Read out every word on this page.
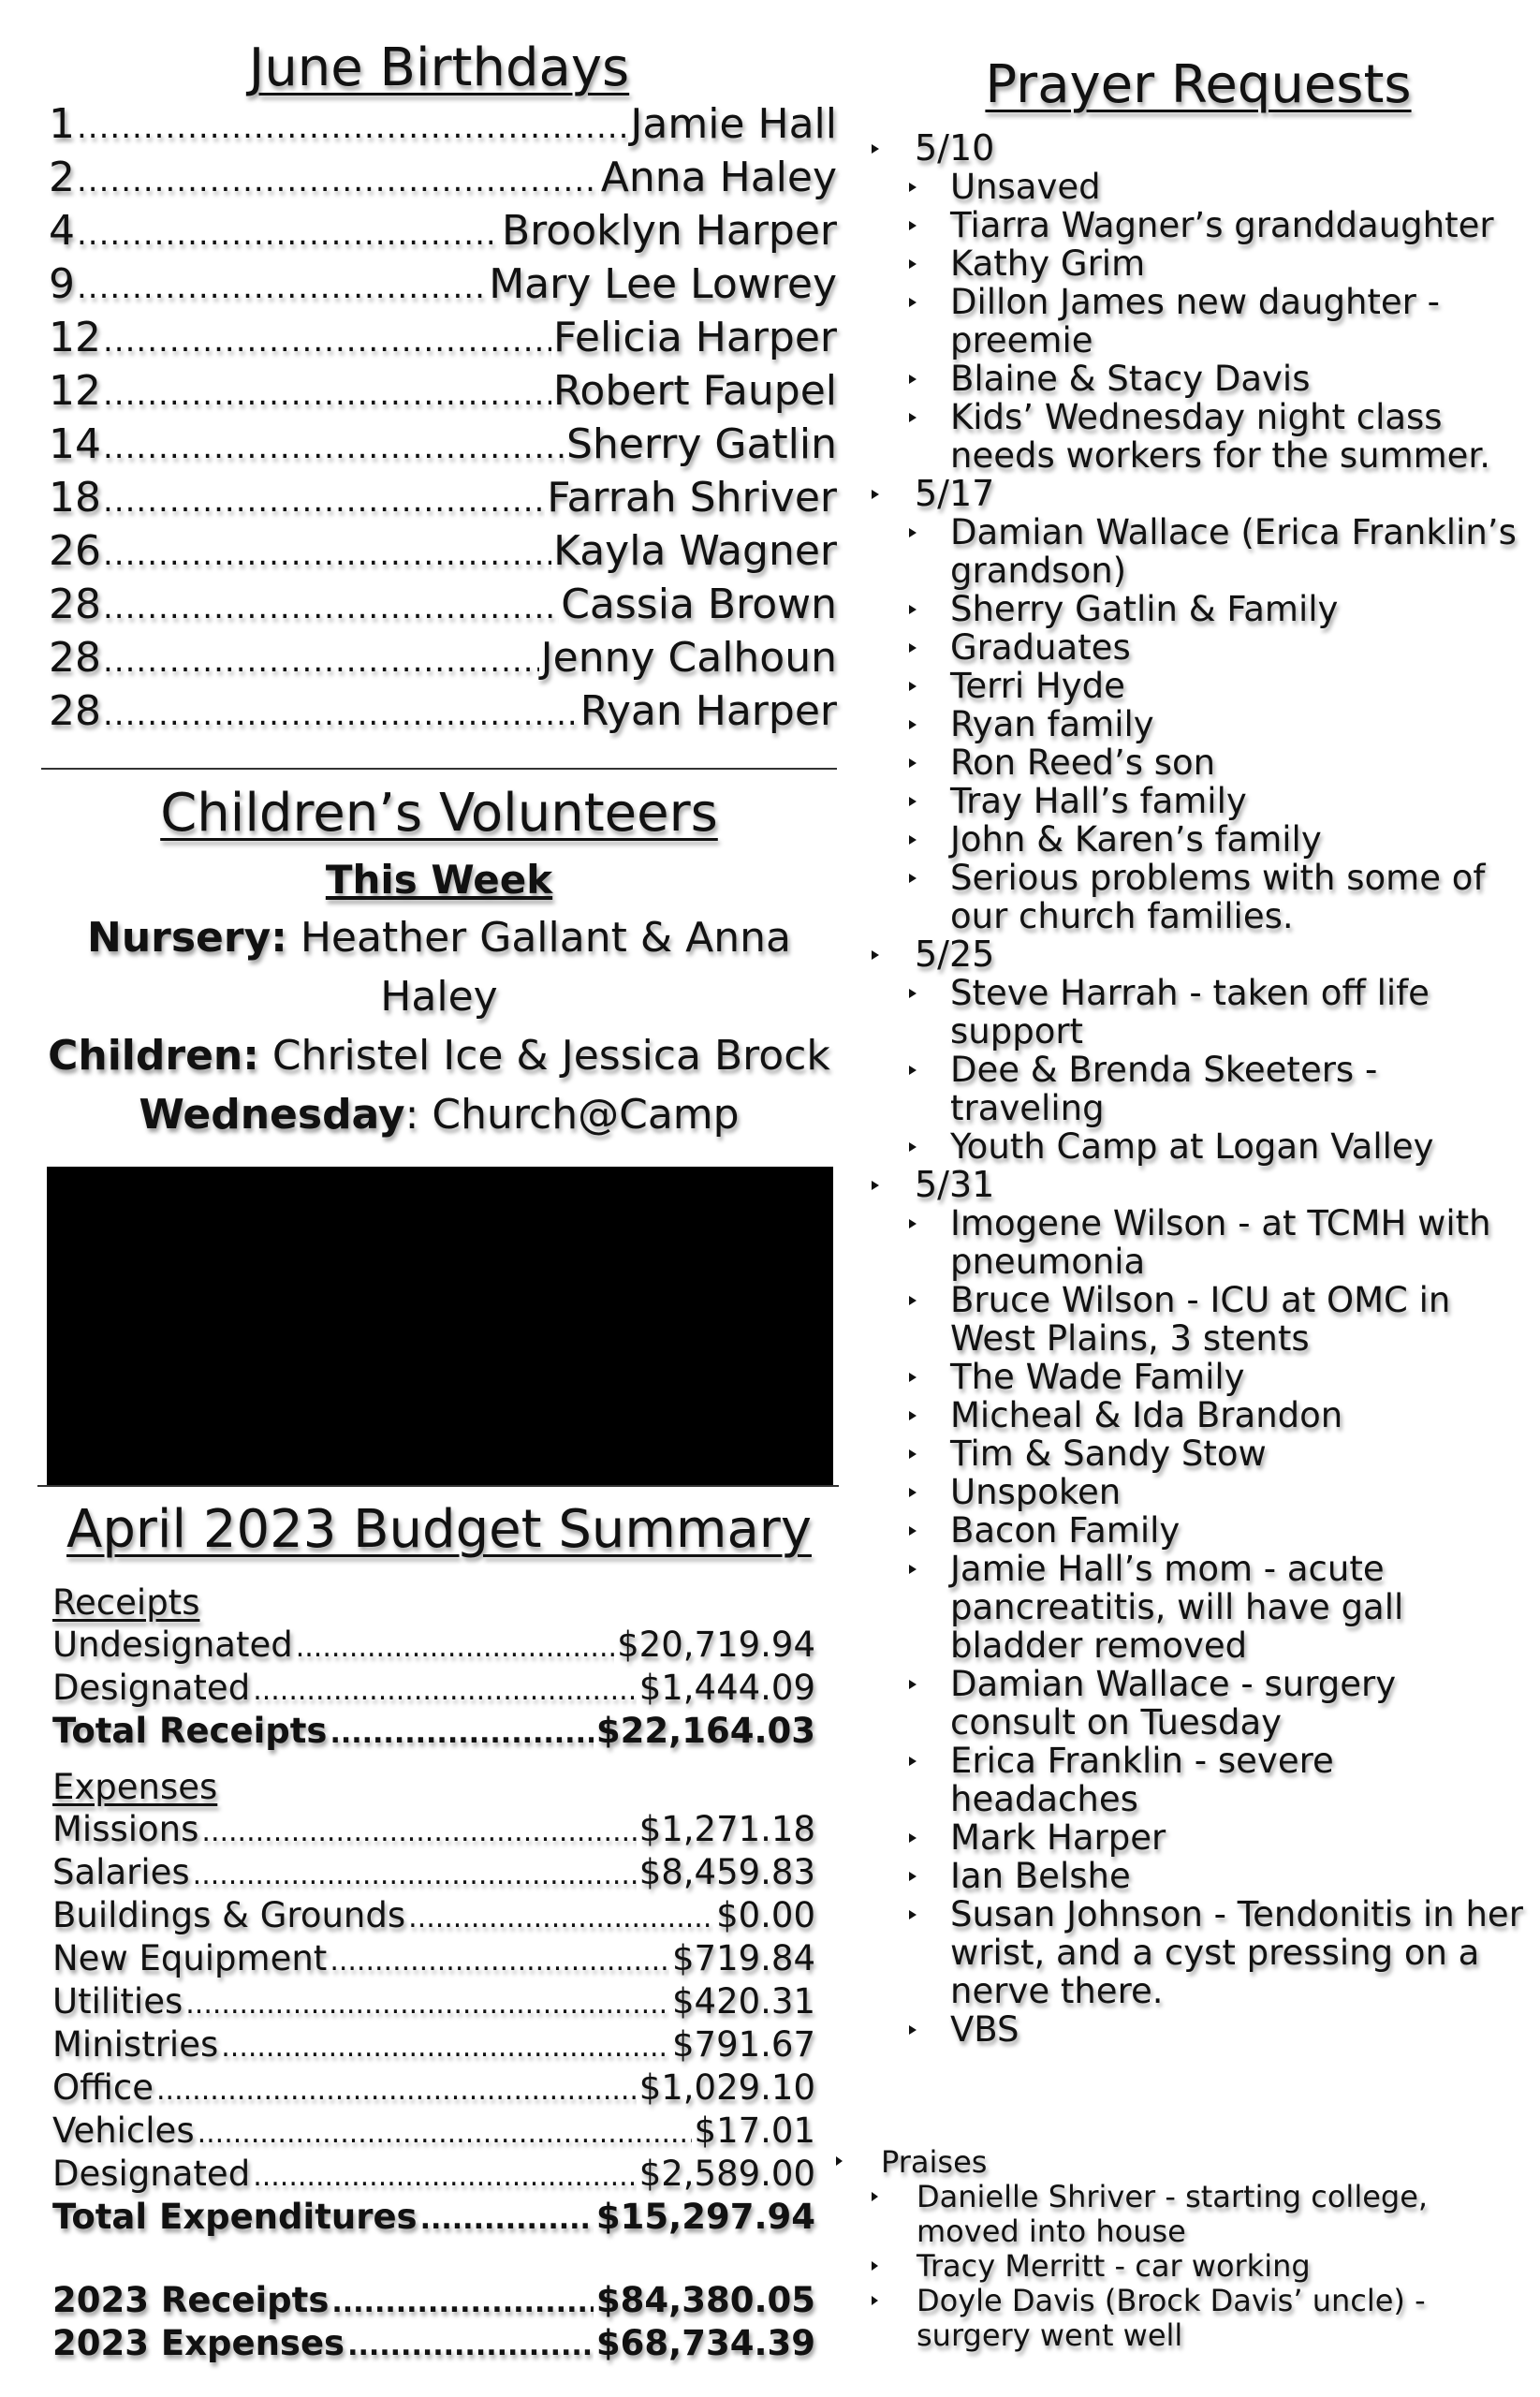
June Birthdays
1 .....	Jamie Hall
2 .....	Anna Haley
4 .....	Brooklyn Harper
9 .....	Mary Lee Lowrey
12 .....	Felicia Harper
12 .....	Robert Faupel
14 .....	Sherry Gatlin
18 .....	Farrah Shriver
26 .....	Kayla Wagner
28 .....	Cassia Brown
28 .....	Jenny Calhoun
28 .....	Ryan Harper
Children’s Volunteers
This Week
Nursery: Heather Gallant & Anna Haley
Children: Christel Ice & Jessica Brock
Wednesday: Church@Camp
April 2023 Budget Summary
Receipts
Undesignated .....	$20,719.94
Designated .....	$1,444.09
Total Receipts .....	$22,164.03
Expenses
Missions .....	$1,271.18
Salaries .....	$8,459.83
Buildings & Grounds .....	$0.00
New Equipment .....	$719.84
Utilities .....	$420.31
Ministries .....	$791.67
Office .....	$1,029.10
Vehicles .....	$17.01
Designated .....	$2,589.00
Total Expenditures .....	$15,297.94
2023 Receipts .....	$84,380.05
2023 Expenses .....	$68,734.39
Prayer Requests
5/10
Unsaved
Tiarra Wagner’s granddaughter
Kathy Grim
Dillon James new daughter - preemie
Blaine & Stacy Davis
Kids’ Wednesday night class needs workers for the summer.
5/17
Damian Wallace (Erica Franklin’s grandson)
Sherry Gatlin & Family
Graduates
Terri Hyde
Ryan family
Ron Reed’s son
Tray Hall’s family
John & Karen’s family
Serious problems with some of our church families.
5/25
Steve Harrah - taken off life support
Dee & Brenda Skeeters - traveling
Youth Camp at Logan Valley
5/31
Imogene Wilson - at TCMH with pneumonia
Bruce Wilson - ICU at OMC in West Plains, 3 stents
The Wade Family
Micheal & Ida Brandon
Tim & Sandy Stow
Unspoken
Bacon Family
Jamie Hall’s mom - acute pancreatitis, will have gall bladder removed
Damian Wallace - surgery consult on Tuesday
Erica Franklin - severe headaches
Mark Harper
Ian Belshe
Susan Johnson - Tendonitis in her wrist, and a cyst pressing on a nerve there.
VBS
Praises
Danielle Shriver - starting college, moved into house
Tracy Merritt - car working
Doyle Davis (Brock Davis’ uncle) - surgery went well
